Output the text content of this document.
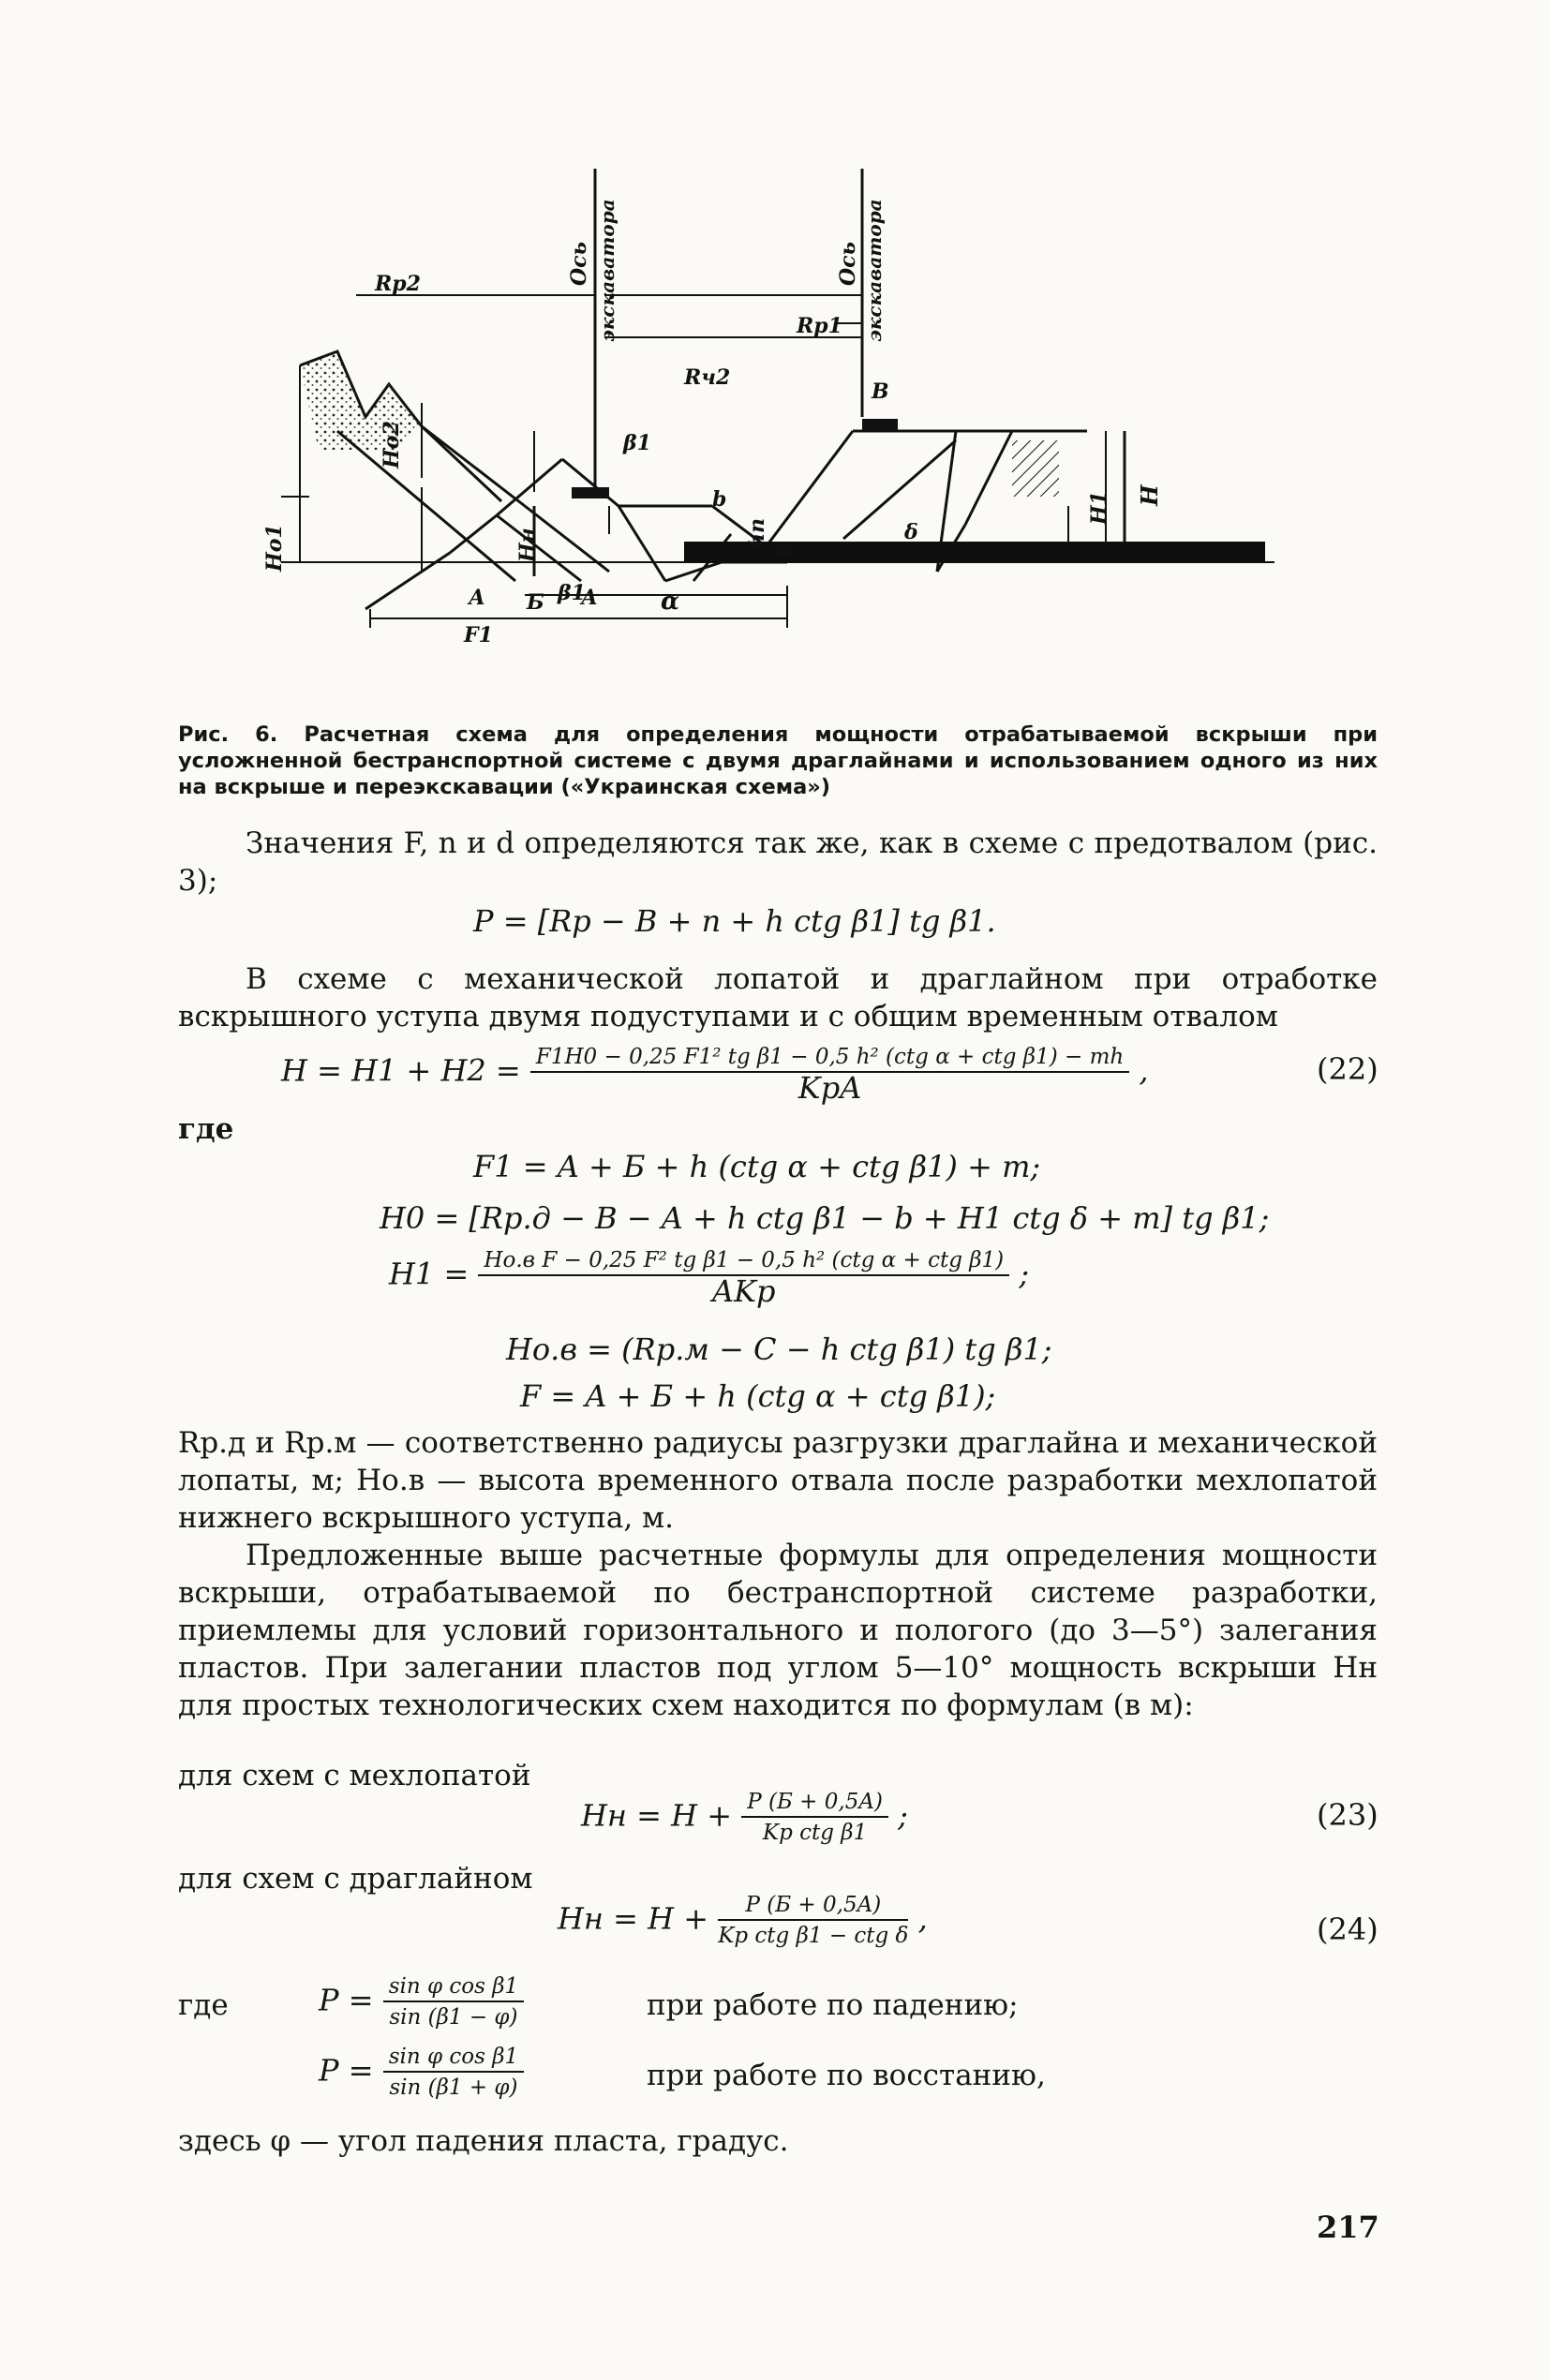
Ось экскаватора	Ось экскаватора
Rр2
Rр1
В
Rч2
Hо2
Hо1	Hн
β1
β1
b
hп
h
δ
H1 H
А Б А	α
F1
Рис. 6. Расчетная схема для определения мощности отрабатываемой вскрыши при усложненной бестранспортной системе с двумя драглайнами и использованием одного из них на вскрыше и переэкскавации («Украинская схема»)
Значения F, n и d определяются так же, как в схеме с предотвалом (рис. 3);
P = [Rр − B + n + h ctg β1] tg β1.
В схеме с механической лопатой и драглайном при отработке вскрышного уступа двумя подуступами и с общим временным отвалом
$H = H1 + H2 = \frac{\text{F1H0 − 0,25 F1² tg β1 − 0,5 h² (ctg α + ctg β1) − mh}}{\text{KрA}}$ ,	(22)
где
F1 = A + Б + h (ctg α + ctg β1) + m;
H0 = [Rр.д − B − A + h ctg β1 − b + H1 ctg δ + m] tg β1;
$H1 = \frac{\text{Hо.в F − 0,25 F² tg β1 − 0,5 h² (ctg α + ctg β1)}}{\text{AKр}}$ ;
Hо.в = (Rр.м − C − h ctg β1) tg β1;
F = A + Б + h (ctg α + ctg β1);
Rр.д и Rр.м — соответственно радиусы разгрузки драглайна и механической лопаты, м; Hо.в — высота временного отвала после разработки мехлопатой нижнего вскрышного уступа, м.
Предложенные выше расчетные формулы для определения мощности вскрыши, отрабатываемой по бестранспортной системе разработки, приемлемы для условий горизонтального и пологого (до 3—5°) залегания пластов. При залегании пластов под углом 5—10° мощность вскрыши Hн для простых технологических схем находится по формулам (в м):
для схем с мехлопатой
Hн = $H + \frac{P (Б + 0,5A)}{\text{Kр ctg β1}}$ ;	(23)
для схем с драглайном
Hн = $H + \frac{P (Б + 0,5A)}{\text{Kр ctg β1 − ctg δ}}$ ,	(24)
где	$P = \frac{\text{sin φ cos β1}}{\sin (\beta 1 - \varphi)}$	при работе по падению;
$P = \frac{\text{sin φ cos β1}}{\sin (\beta 1 + \varphi)}$	при работе по восстанию,
здесь φ — угол падения пласта, градус.
217
